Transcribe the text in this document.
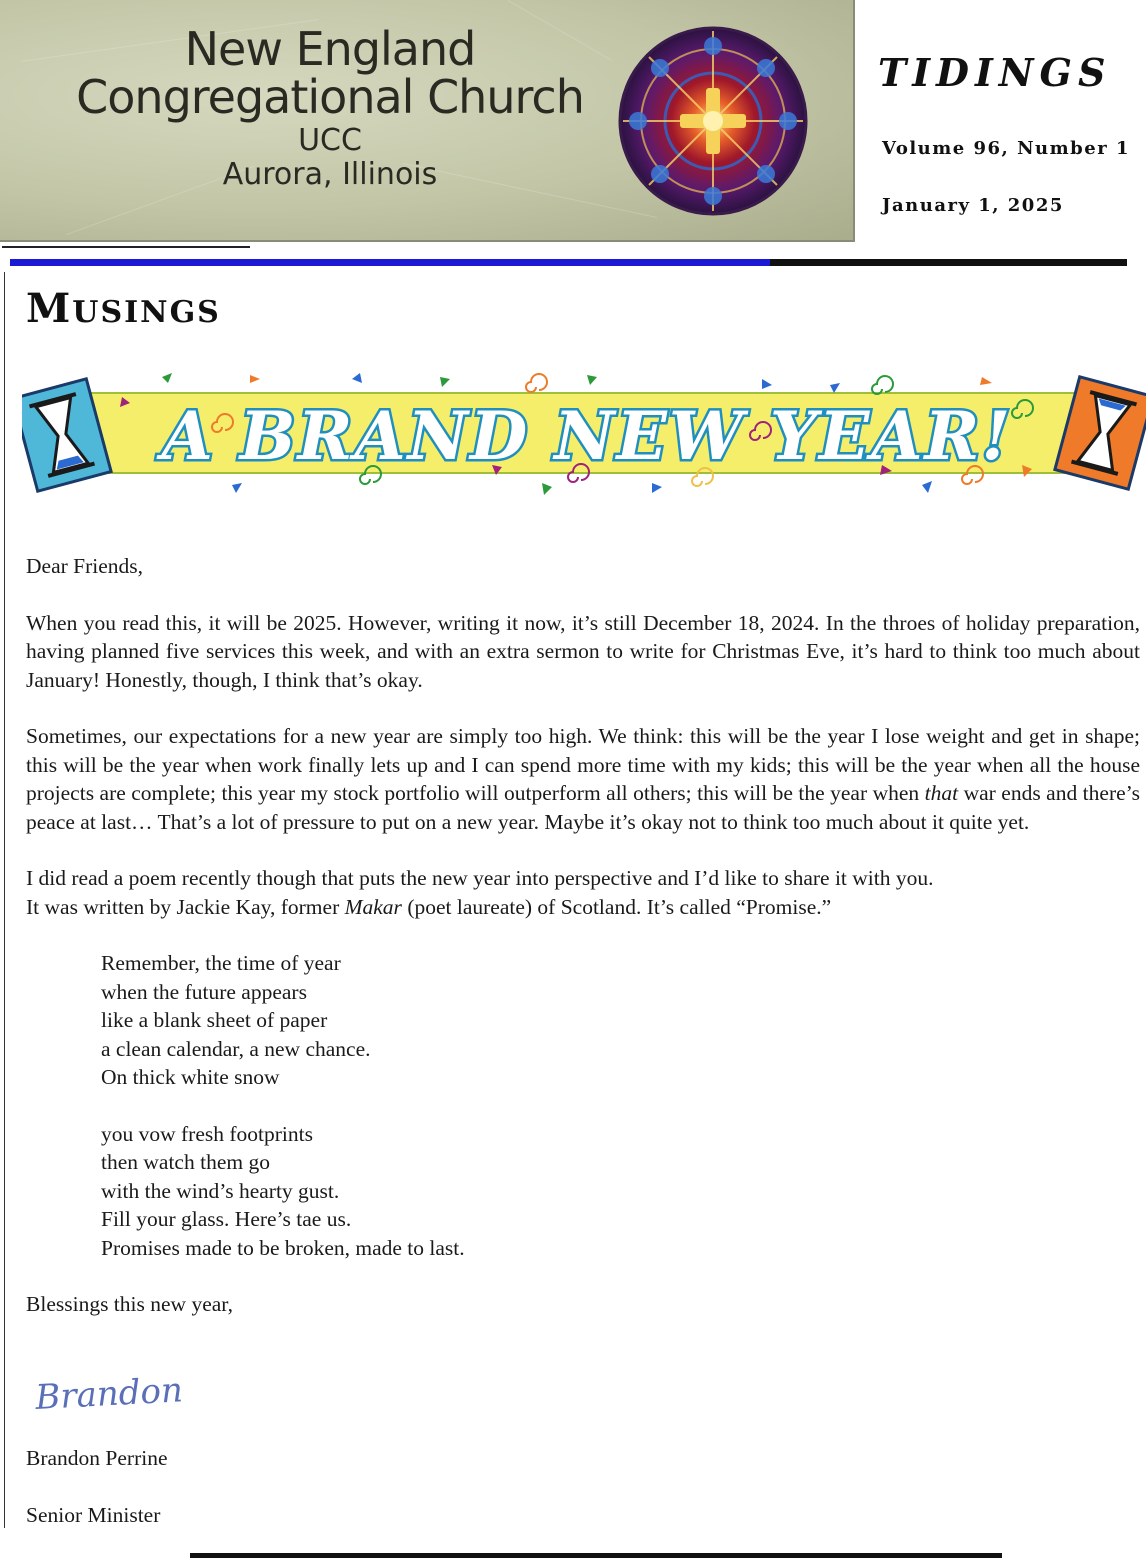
New England
Congregational Church
UCC
Aurora, Illinois
TIDINGS
Volume 96, Number 1
January 1, 2025
MUSINGS
A BRAND NEW YEAR!

Dear Friends,

When you read this, it will be 2025. However, writing it now, it’s still December 18, 2024. In the throes of holiday preparation, having planned five services this week, and with an extra sermon to write for Christmas Eve, it’s hard to think too much about January! Honestly, though, I think that’s okay.

Sometimes, our expectations for a new year are simply too high. We think: this will be the year I lose weight and get in shape; this will be the year when work finally lets up and I can spend more time with my kids; this will be the year when all the house projects are complete; this year my stock portfolio will outperform all others; this will be the year when that war ends and there’s peace at last… That’s a lot of pressure to put on a new year. Maybe it’s okay not to think too much about it quite yet.

I did read a poem recently though that puts the new year into perspective and I’d like to share it with you.
It was written by Jackie Kay, former Makar (poet laureate) of Scotland. It’s called “Promise.”

Remember, the time of year
when the future appears
like a blank sheet of paper
a clean calendar, a new chance.
On thick white snow
you vow fresh footprints
then watch them go
with the wind’s hearty gust.
Fill your glass. Here’s tae us.
Promises made to be broken, made to last.

Blessings this new year,

Brandon

Brandon Perrine

Senior Minister
